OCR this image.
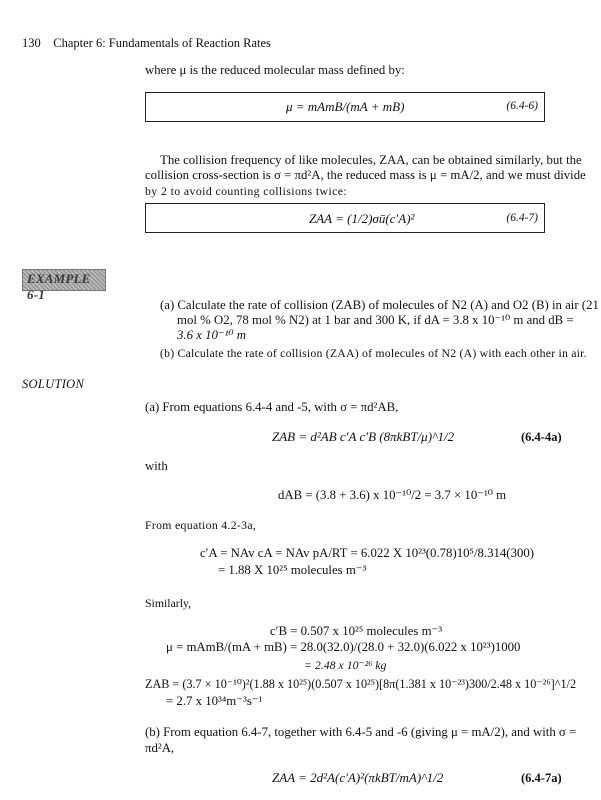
130 Chapter 6: Fundamentals of Reaction Rates
where μ is the reduced molecular mass defined by:
μ = mAmB/(mA + mB)	(6.4-6)
The collision frequency of like molecules, ZAA, can be obtained similarly, but the
collision cross-section is σ = πd²A, the reduced mass is μ = mA/2, and we must divide
by 2 to avoid counting collisions twice:
ZAA = (1/2)σū(c′A)²	(6.4-7)
EXAMPLE 6-1
(a) Calculate the rate of collision (ZAB) of molecules of N2 (A) and O2 (B) in air (21
mol % O2, 78 mol % N2) at 1 bar and 300 K, if dA = 3.8 x 10⁻¹⁰ m and dB =
3.6 x 10⁻¹⁰ m
(b) Calculate the rate of collision (ZAA) of molecules of N2 (A) with each other in air.
SOLUTION
(a) From equations 6.4-4 and -5, with σ = πd²AB,
ZAB = d²AB c′A c′B (8πkBT/μ)^1/2	(6.4-4a)
with
dAB = (3.8 + 3.6) x 10⁻¹⁰/2 = 3.7 × 10⁻¹⁰ m
From equation 4.2-3a,
c′A = NAv cA = NAv pA/RT = 6.022 X 10²³(0.78)10⁵/8.314(300)
= 1.88 X 10²⁵ molecules m⁻³
Similarly,
c′B = 0.507 x 10²⁵ molecules m⁻³
μ = mAmB/(mA + mB) = 28.0(32.0)/(28.0 + 32.0)(6.022 x 10²³)1000
= 2.48 x 10⁻²⁶ kg
ZAB = (3.7 × 10⁻¹⁰)²(1.88 x 10²⁵)(0.507 x 10²⁵)[8π(1.381 x 10⁻²³)300/2.48 x 10⁻²⁶]^1/2
= 2.7 x 10³⁴m⁻³s⁻¹
(b) From equation 6.4-7, together with 6.4-5 and -6 (giving μ = mA/2), and with σ =
πd²A,
ZAA = 2d²A(c′A)²(πkBT/mA)^1/2	(6.4-7a)
